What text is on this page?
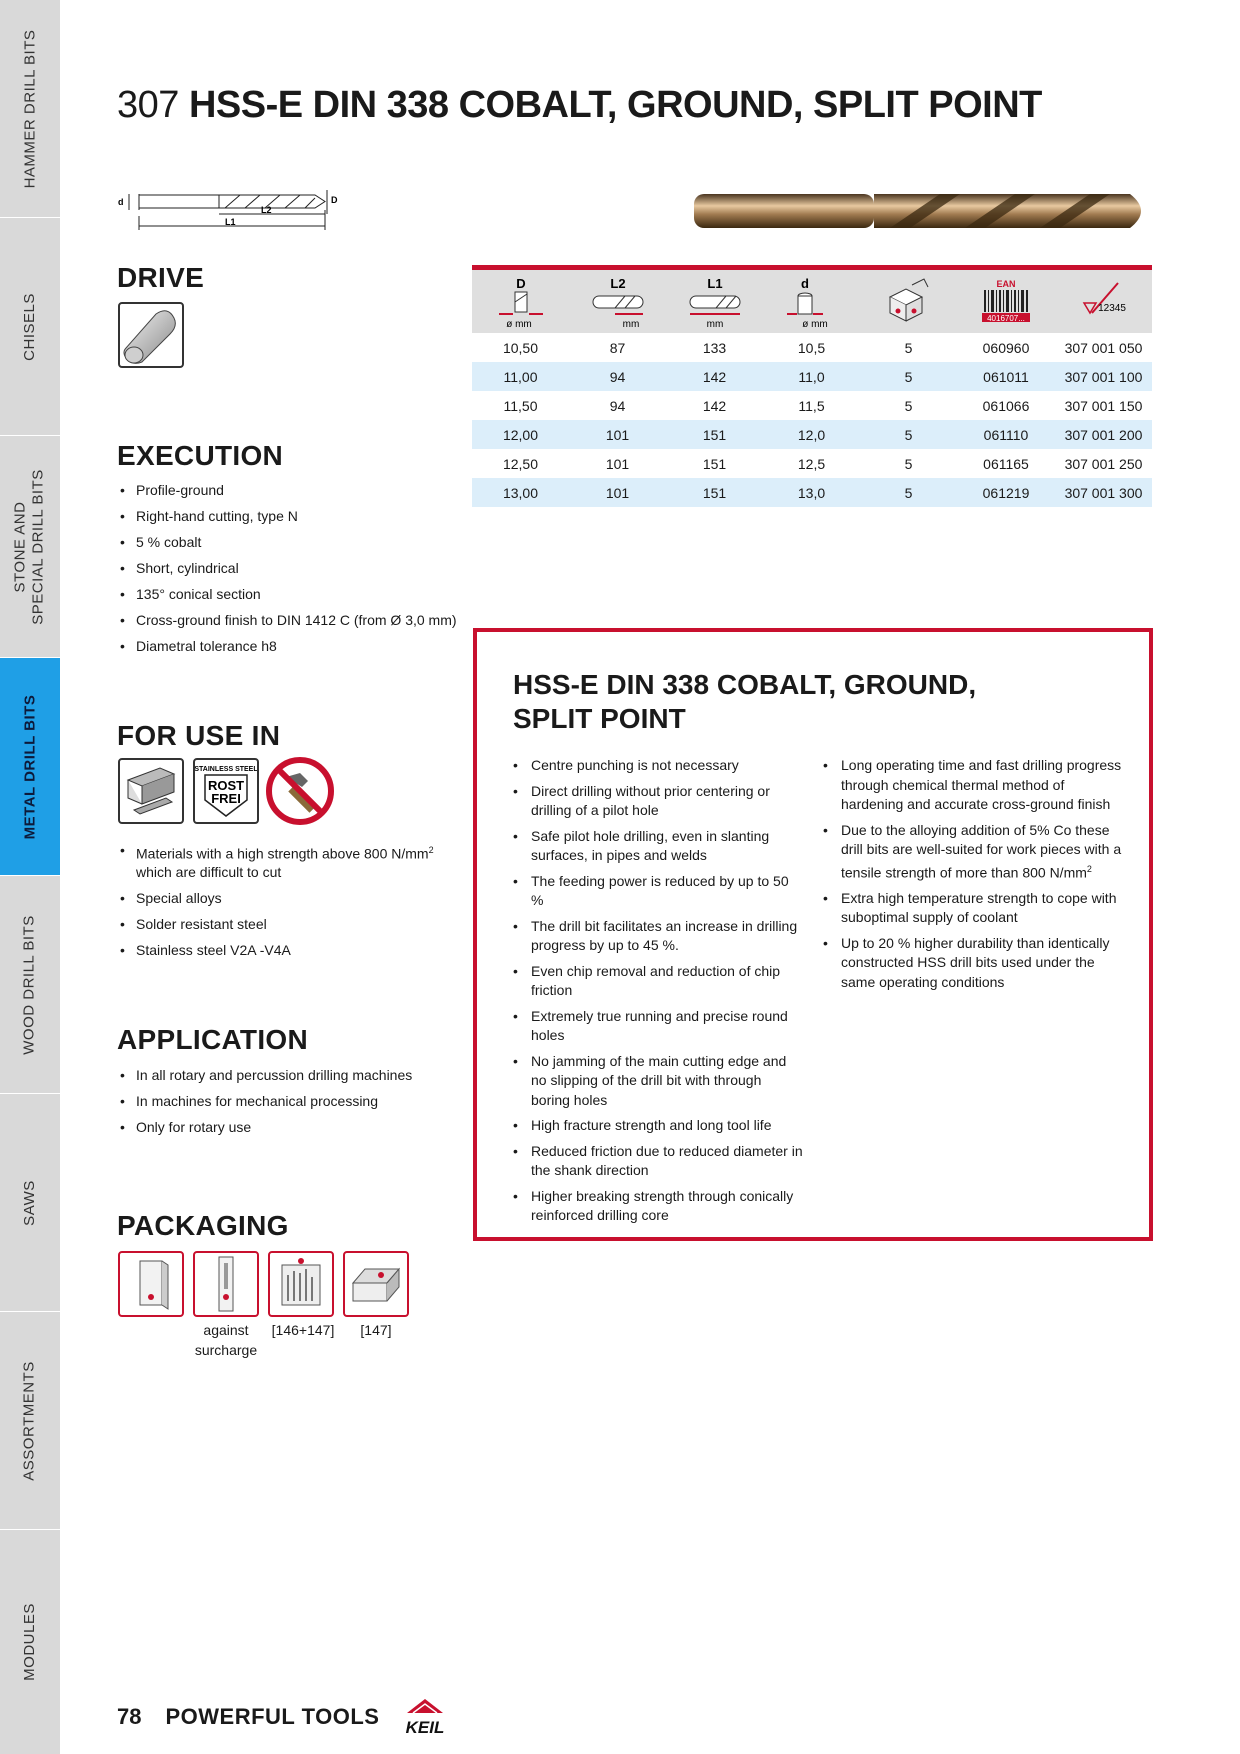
HAMMER DRILL BITS
CHISELS
STONE AND SPECIAL DRILL BITS
METAL DRILL BITS
WOOD DRILL BITS
SAWS
ASSORTMENTS
MODULES
307 HSS-E DIN 338 COBALT, GROUND, SPLIT POINT
d	D
L2
L1
DRIVE
EXECUTION
• Profile-ground
• Right-hand cutting, type N
• 5 % cobalt
• Short, cylindrical
• 135° conical section
• Cross-ground finish to DIN 1412 C (from Ø 3,0 mm)
• Diametral tolerance h8
FOR USE IN
STAINLESS STEEL
ROST
FREI
• Materials with a high strength above 800 $N/mm^2$ which are difficult to cut
• Special alloys
• Solder resistant steel
• Stainless steel V2A -V4A
APPLICATION
• In all rotary and percussion drilling machines
• In machines for mechanical processing
• Only for rotary use
PACKAGING
against
surcharge
[146+147]	[147]
D
ø mm
L2
mm
L1
mm
d
ø mm
EAN
4016707...
12345
10,50	87	133	10,5	5	060960	307 001 050
11,00	94	142	11,0	5	061011	307 001 100
11,50	94	142	11,5	5	061066	307 001 150
12,00	101	151	12,0	5	061110	307 001 200
12,50	101	151	12,5	5	061165	307 001 250
13,00	101	151	13,0	5	061219	307 001 300
HSS-E DIN 338 COBALT, GROUND,
SPLIT POINT
• Centre punching is not necessary
• Direct drilling without prior centering or drilling of a pilot hole
• Safe pilot hole drilling, even in slanting surfaces, in pipes and welds
• The feeding power is reduced by up to 50 %
• The drill bit facilitates an increase in drilling progress by up to 45 %.
• Even chip removal and reduction of chip friction
• Extremely true running and precise round holes
• No jamming of the main cutting edge and no slipping of the drill bit with through boring holes
• High fracture strength and long tool life
• Reduced friction due to reduced diameter in the shank direction
• Higher breaking strength through conically reinforced drilling core
• Long operating time and fast drilling progress through chemical thermal method of hardening and accurate cross-ground finish
• Due to the alloying addition of 5% Co these drill bits are well-suited for work pieces with a tensile strength of more than 800 $N/mm^2$
• Extra high temperature strength to cope with suboptimal supply of coolant
• Up to 20 % higher durability than identically constructed HSS drill bits used under the same operating conditions
78 POWERFUL TOOLS KEIL
